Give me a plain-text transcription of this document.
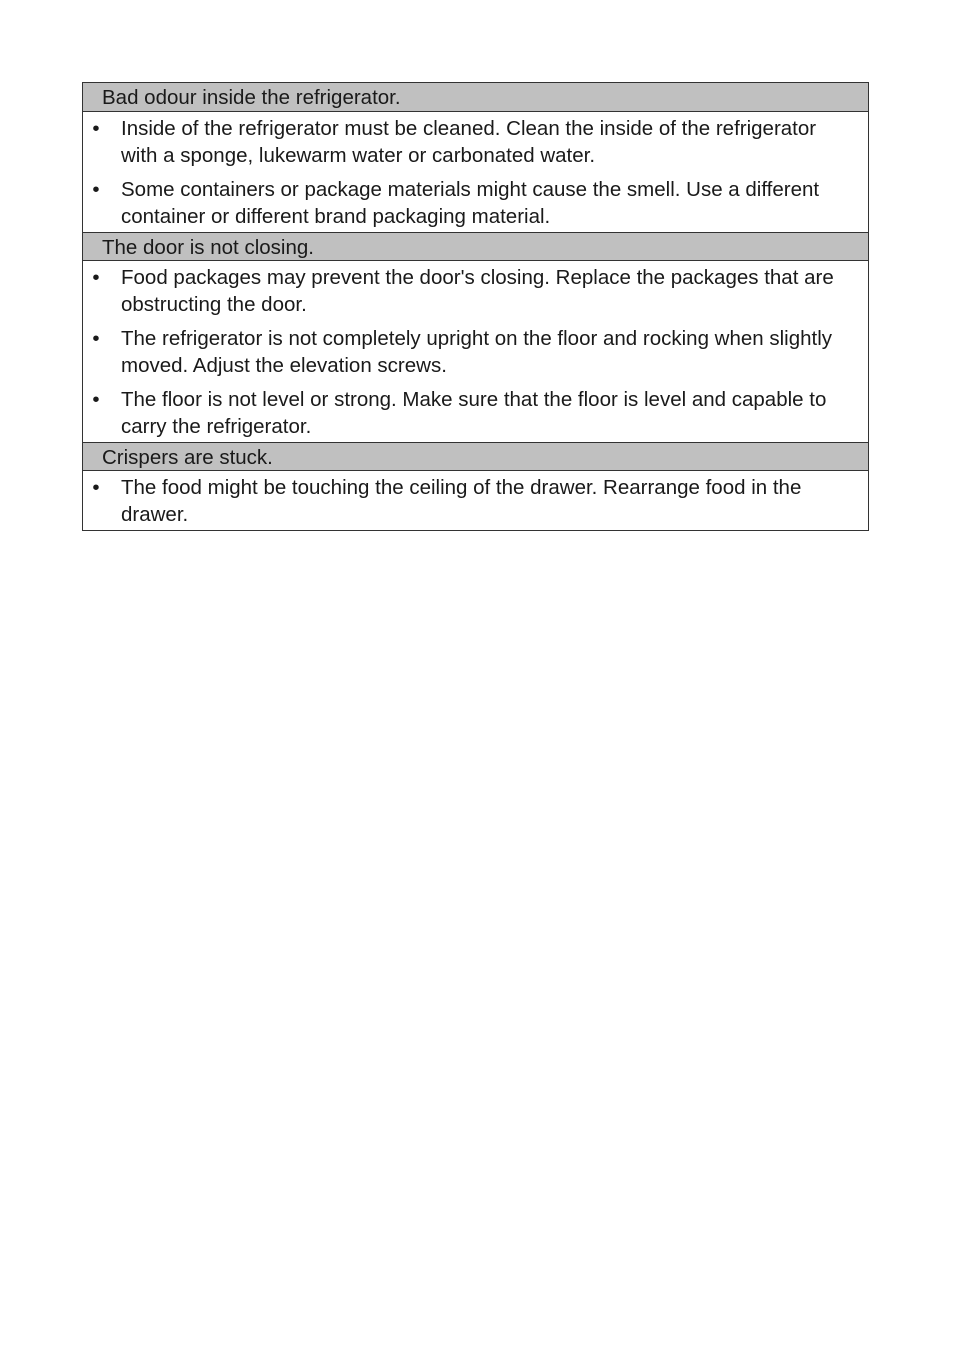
Bad odour inside the refrigerator.
• Inside of the refrigerator must be cleaned. Clean the inside of the refrigerator with a sponge, lukewarm water or carbonated water.
• Some containers or package materials might cause the smell. Use a different container or different brand packaging material.
The door is not closing.
• Food packages may prevent the door's closing. Replace the packages that are obstructing the door.
• The refrigerator is not completely upright on the floor and rocking when slightly moved. Adjust the elevation screws.
• The floor is not level or strong. Make sure that the floor is level and capable to carry the refrigerator.
Crispers are stuck.
• The food might be touching the ceiling of the drawer. Rearrange food in the drawer.
